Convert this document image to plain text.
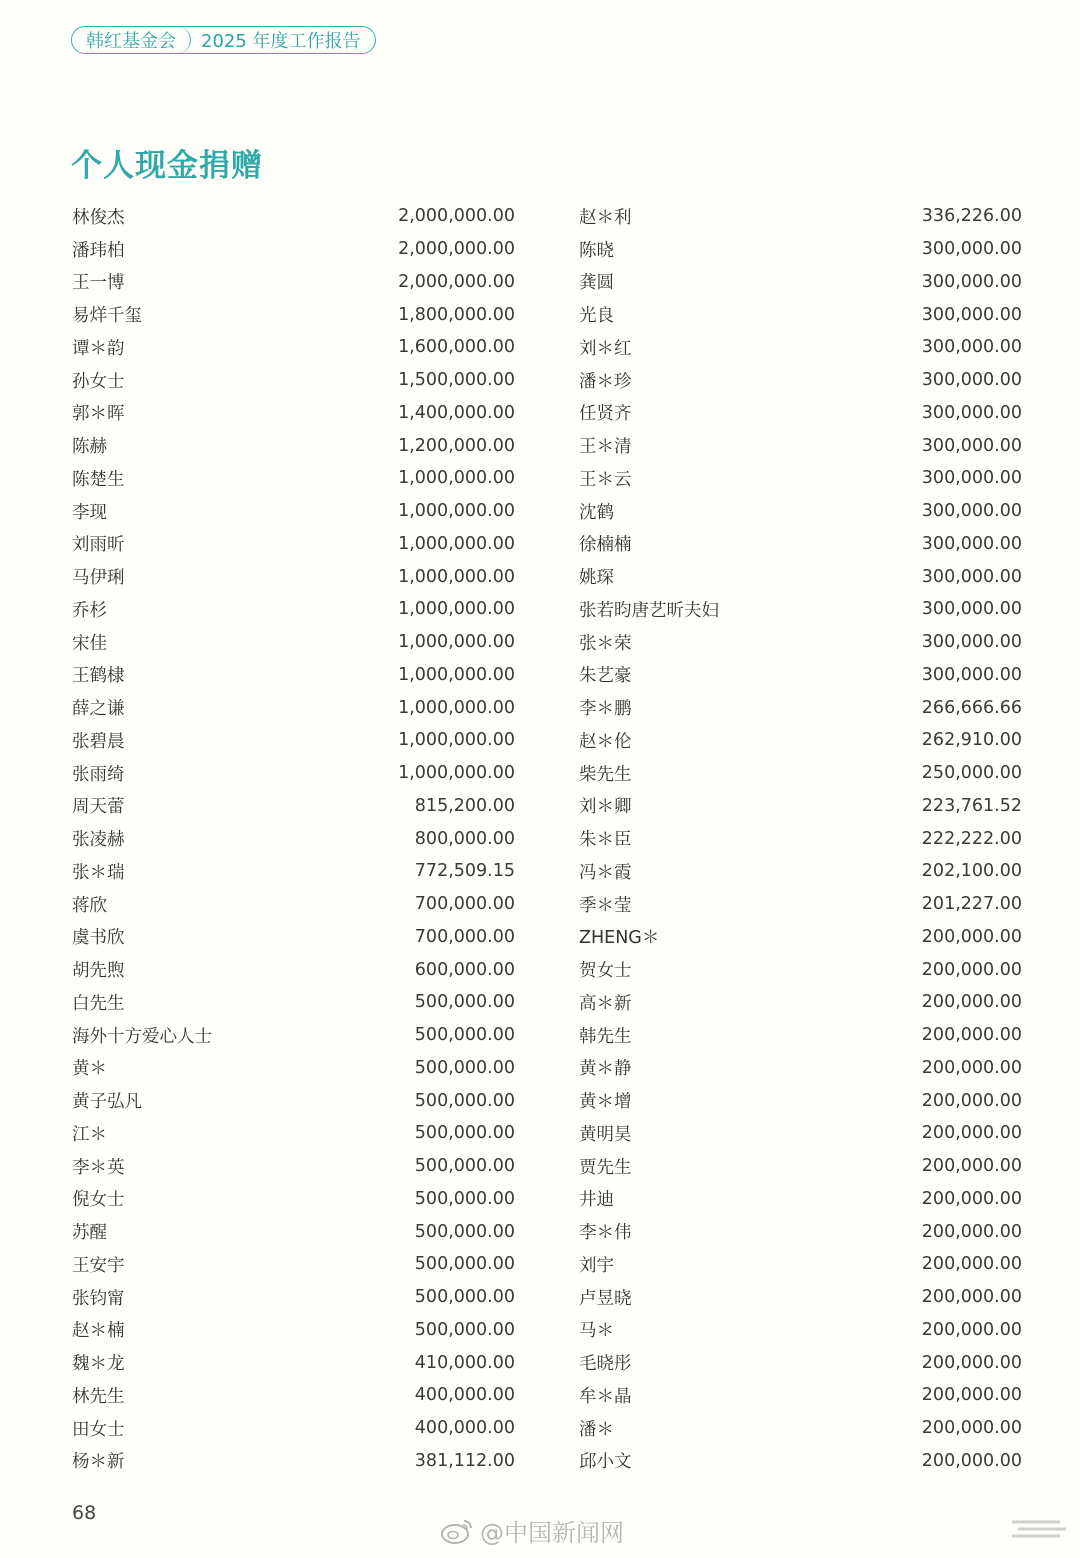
韩红基金会	2025 年度工作报告
个人现金捐赠
林俊杰	2,000,000.00
潘玮柏	2,000,000.00
王一博	2,000,000.00
易烊千玺	1,800,000.00
谭＊韵	1,600,000.00
孙女士	1,500,000.00
郭＊晖	1,400,000.00
陈赫	1,200,000.00
陈楚生	1,000,000.00
李现	1,000,000.00
刘雨昕	1,000,000.00
马伊琍	1,000,000.00
乔杉	1,000,000.00
宋佳	1,000,000.00
王鹤棣	1,000,000.00
薛之谦	1,000,000.00
张碧晨	1,000,000.00
张雨绮	1,000,000.00
周天蕾	815,200.00
张凌赫	800,000.00
张＊瑞	772,509.15
蒋欣	700,000.00
虞书欣	700,000.00
胡先煦	600,000.00
白先生	500,000.00
海外十方爱心人士	500,000.00
黄＊	500,000.00
黄子弘凡	500,000.00
江＊	500,000.00
李＊英	500,000.00
倪女士	500,000.00
苏醒	500,000.00
王安宇	500,000.00
张钧甯	500,000.00
赵＊楠	500,000.00
魏＊龙	410,000.00
林先生	400,000.00
田女士	400,000.00
杨＊新	381,112.00
赵＊利	336,226.00
陈晓	300,000.00
龚圆	300,000.00
光良	300,000.00
刘＊红	300,000.00
潘＊珍	300,000.00
任贤齐	300,000.00
王＊清	300,000.00
王＊云	300,000.00
沈鹤	300,000.00
徐楠楠	300,000.00
姚琛	300,000.00
张若昀唐艺昕夫妇	300,000.00
张＊荣	300,000.00
朱艺豪	300,000.00
李＊鹏	266,666.66
赵＊伦	262,910.00
柴先生	250,000.00
刘＊卿	223,761.52
朱＊臣	222,222.00
冯＊霞	202,100.00
季＊莹	201,227.00
ZHENG＊	200,000.00
贺女士	200,000.00
高＊新	200,000.00
韩先生	200,000.00
黄＊静	200,000.00
黄＊增	200,000.00
黄明昊	200,000.00
贾先生	200,000.00
井迪	200,000.00
李＊伟	200,000.00
刘宇	200,000.00
卢昱晓	200,000.00
马＊	200,000.00
毛晓彤	200,000.00
牟＊晶	200,000.00
潘＊	200,000.00
邱小文	200,000.00
68
@中国新闻网
